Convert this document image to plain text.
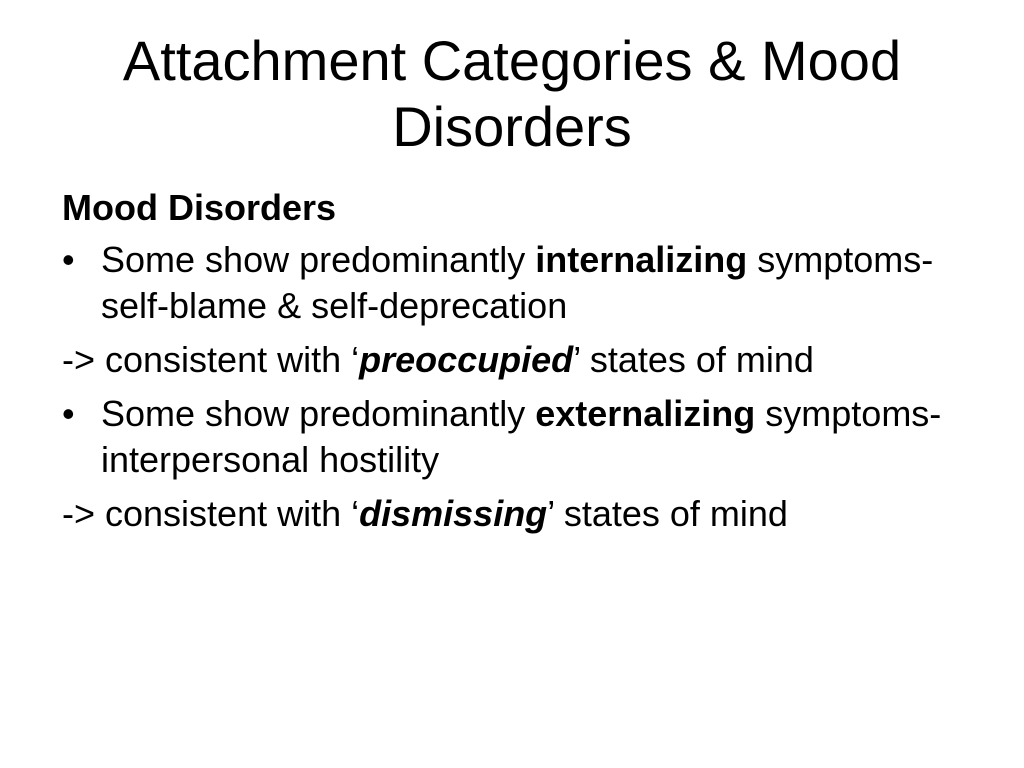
Attachment Categories & Mood Disorders
Mood Disorders
• Some show predominantly internalizing symptoms- self-blame & self-deprecation
-> consistent with ‘preoccupied’ states of mind
• Some show predominantly externalizing symptoms- interpersonal hostility
-> consistent with ‘dismissing’ states of mind
